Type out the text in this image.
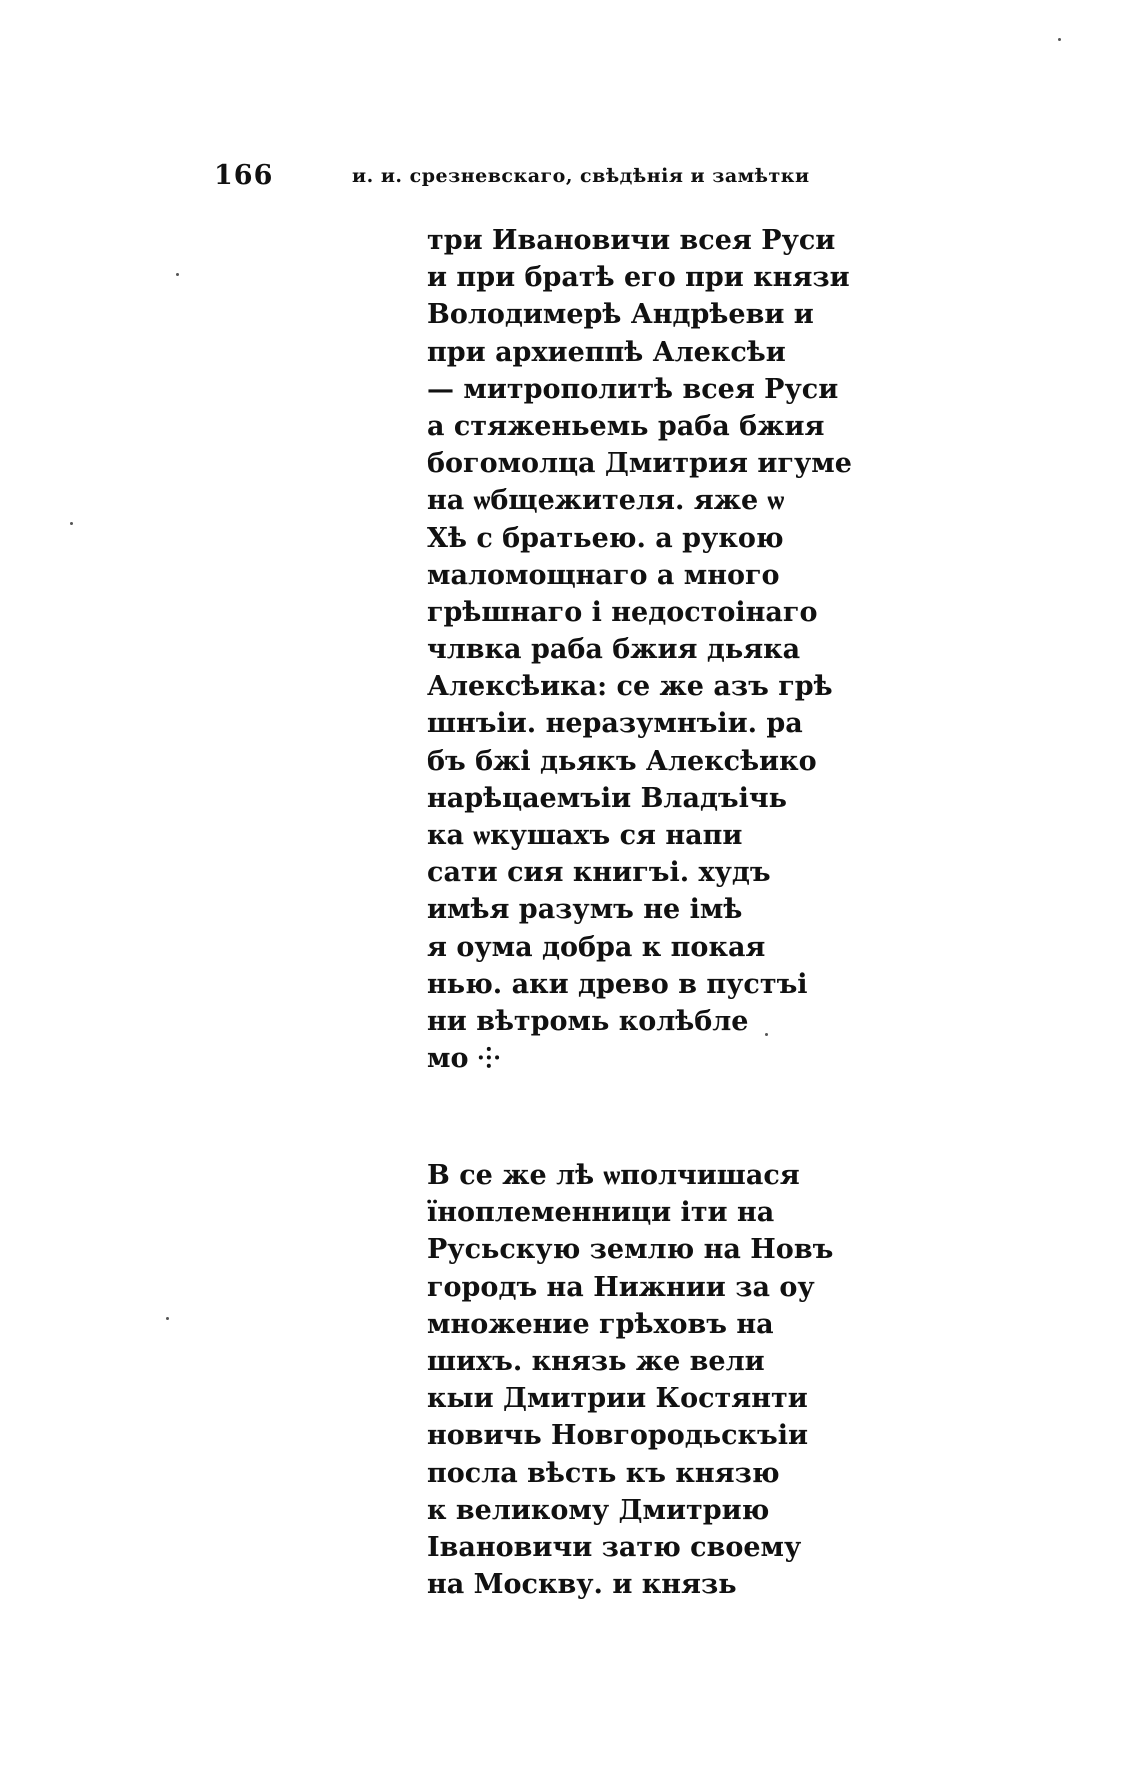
166	и. и. срезневскаго, свѣдѣнія и замѣтки
три Ивановичи всея Руси
и при братѣ его при князи
Володимерѣ Андрѣеви и
при архиеппѣ Алексѣи
— митрополитѣ всея Руси
а стяженьемь раба бжия
богомолца Дмитрия игуме
на ѡбщежителя. яже ѡ
Хѣ с братьею. а рукою
маломощнаго а много
грѣшнаго і недостоінаго
члвка раба бжия дьяка
Алексѣика: се же азъ грѣ
шнъіи. неразумнъіи. ра
бъ бжі дьякъ Алексѣико
нарѣцаемъіи Владъічь
ка ѡкушахъ ся напи
сати сия книгъі. худъ
имѣя разумъ не імѣ
я оума добра к покая
нью. аки древо в пустъі
ни вѣтромь колѣбле
мо ⸭
В се же лѣ ѡполчишася
їноплеменници іти на
Русьскую землю на Новъ
городъ на Нижнии за оу
множение грѣховъ на
шихъ. князь же вели
кыи Дмитрии Костянти
новичь Новгородьскъіи
посла вѣсть къ князю
к великому Дмитрию
Івановичи затю своему
на Москву. и князь
